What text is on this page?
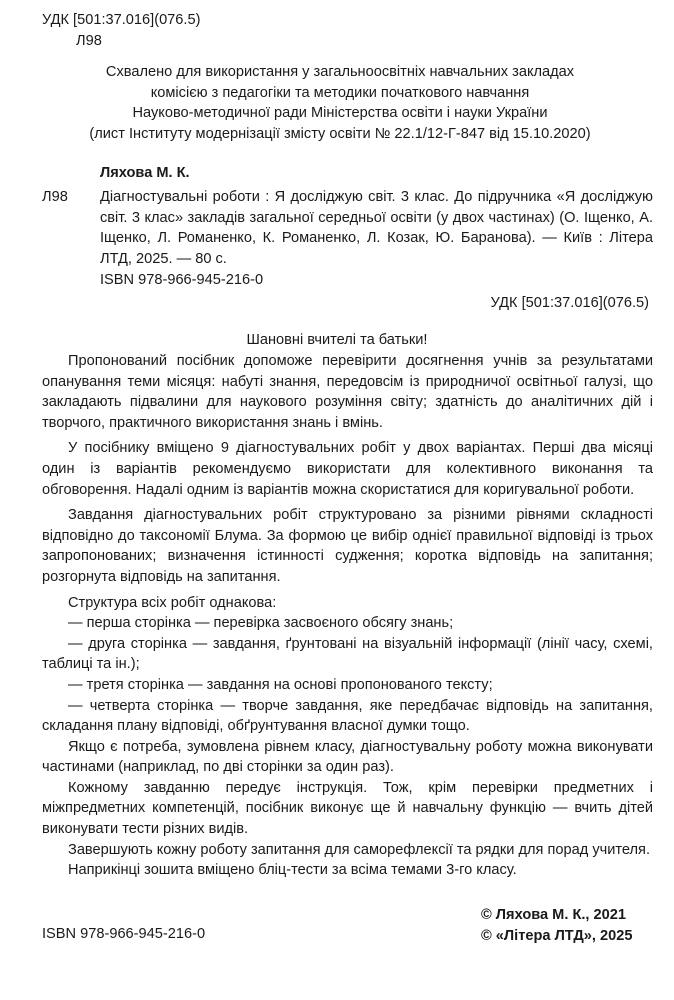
УДК [501:37.016](076.5)
Л98
Схвалено для використання у загальноосвітніх навчальних закладах
комісією з педагогіки та методики початкового навчання
Науково-методичної ради Міністерства освіти і науки України
(лист Інституту модернізації змісту освіти № 22.1/12-Г-847 від 15.10.2020)
Ляхова М. К.
Л98 Діагностувальні роботи : Я досліджую світ. 3 клас. До підручника «Я досліджую світ. 3 клас» закладів загальної середньої освіти (у двох частинах) (О. Іщенко, А. Іщенко, Л. Романенко, К. Романенко, Л. Козак, Ю. Баранова). — Київ : Літера ЛТД, 2025. — 80 с.
ISBN 978-966-945-216-0
УДК [501:37.016](076.5)
Шановні вчителі та батьки!

Пропонований посібник допоможе перевірити досягнення учнів за результатами опанування теми місяця: набуті знання, передовсім із природничої освітньої галузі, що закладають підвалини для наукового розуміння світу; здатність до аналітичних дій і творчого, практичного використання знань і вмінь.

У посібнику вміщено 9 діагностувальних робіт у двох варіантах. Перші два місяці один із варіантів рекомендуємо використати для колективного виконання та обговорення. Надалі одним із варіантів можна скористатися для коригувальної роботи.

Завдання діагностувальних робіт структуровано за різними рівнями складності відповідно до таксономії Блума. За формою це вибір однієї правильної відповіді із трьох запропонованих; визначення істинності судження; коротка відповідь на запитання; розгорнута відповідь на запитання.

Структура всіх робіт однакова:

— перша сторінка — перевірка засвоєного обсягу знань;

— друга сторінка — завдання, ґрунтовані на візуальній інформації (лінії часу, схемі, таблиці та ін.);

— третя сторінка — завдання на основі пропонованого тексту;

— четверта сторінка — творче завдання, яке передбачає відповідь на запитання, складання плану відповіді, обґрунтування власної думки тощо.

Якщо є потреба, зумовлена рівнем класу, діагностувальну роботу можна виконувати частинами (наприклад, по дві сторінки за один раз).

Кожному завданню передує інструкція. Тож, крім перевірки предметних і міжпредметних компетенцій, посібник виконує ще й навчальну функцію — вчить дітей виконувати тести різних видів.

Завершують кожну роботу запитання для саморефлексії та рядки для порад учителя.

Наприкінці зошита вміщено бліц-тести за всіма темами 3-го класу.

ISBN 978-966-945-216-0
© Ляхова М. К., 2021
© «Літера ЛТД», 2025
